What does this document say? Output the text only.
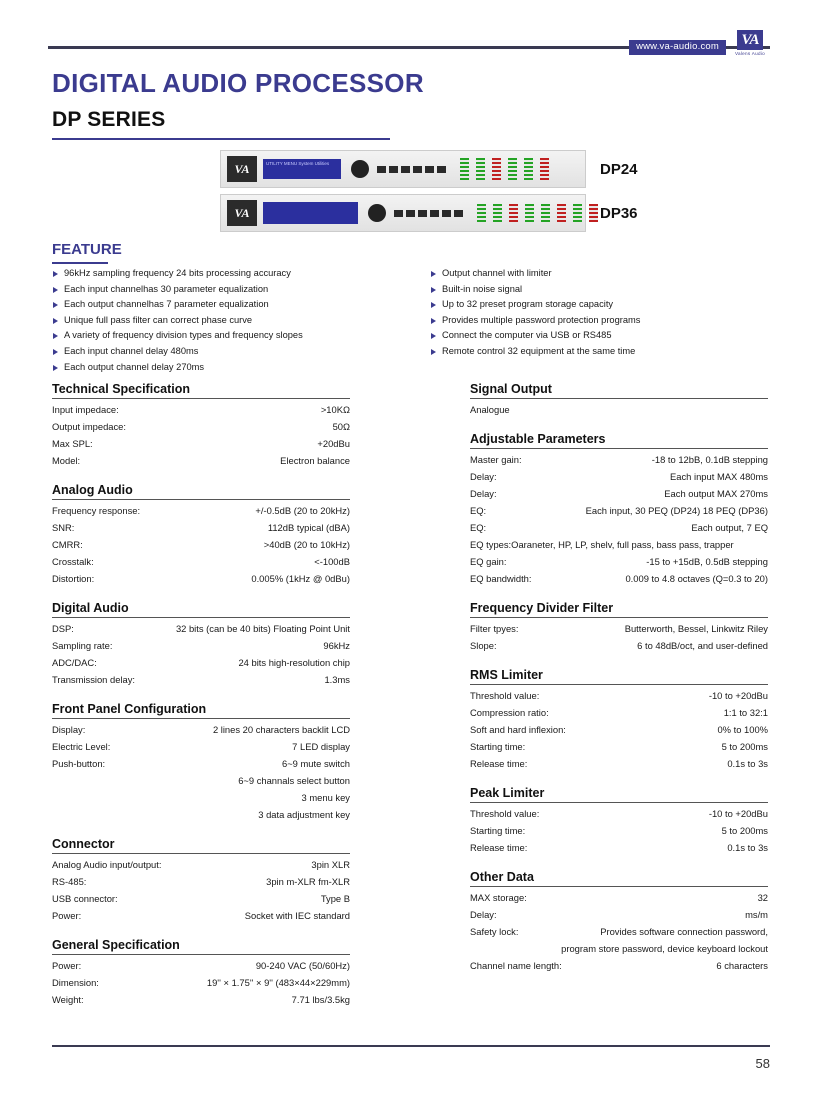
www.va-audio.com	VA
Valens Audio
DIGITAL AUDIO PROCESSOR
DP SERIES
VA	UTILITY MENU System Utilities	DP24
VA	DP36
FEATURE
96kHz sampling frequency 24 bits processing accuracy
Each input channelhas 30 parameter equalization
Each output channelhas 7 parameter equalization
Unique full pass filter can correct phase curve
A variety of frequency division types and frequency slopes
Each input channel delay 480ms
Each output channel delay 270ms
Output channel with limiter
Built-in noise signal
Up to 32 preset program storage capacity
Provides multiple password protection programs
Connect the computer via USB or RS485
Remote control 32 equipment at the same time
Technical Specification
Input impedace:	>10KΩ
Output impedace:	50Ω
Max SPL:	+20dBu
Model:	Electron balance
Analog Audio
Frequency response:	+/-0.5dB (20 to 20kHz)
SNR:	112dB typical (dBA)
CMRR:	>40dB (20 to 10kHz)
Crosstalk:	<-100dB
Distortion:	0.005% (1kHz @ 0dBu)
Digital Audio
DSP:	32 bits (can be 40 bits) Floating Point Unit
Sampling rate:	96kHz
ADC/DAC:	24 bits high-resolution chip
Transmission delay:	1.3ms
Front Panel Configuration
Display:	2 lines 20 characters backlit LCD
Electric Level:	7 LED display
Push-button:	6~9 mute switch
6~9 channals select button	
3 menu key	
3 data adjustment key	
Connector
Analog Audio input/output:	3pin XLR
RS-485:	3pin m-XLR fm-XLR
USB connector:	Type B
Power:	Socket with IEC standard
General Specification
Power:	90-240 VAC (50/60Hz)
Dimension:	19'' × 1.75'' × 9'' (483×44×229mm)
Weight:	7.71 lbs/3.5kg
Signal Output
Analogue
Adjustable Parameters
Master gain:	-18 to 12bB, 0.1dB stepping
Delay:	Each input MAX 480ms
Delay:	Each output MAX 270ms
EQ:	Each input, 30 PEQ (DP24) 18 PEQ (DP36)
EQ:	Each output, 7 EQ
EQ types:Oaraneter, HP, LP, shelv, full pass, bass pass, trapper	
EQ gain:	-15 to +15dB, 0.5dB stepping
EQ bandwidth:	0.009 to 4.8 octaves (Q=0.3 to 20)
Frequency Divider Filter
Filter tpyes:	Butterworth, Bessel, Linkwitz Riley
Slope:	6 to 48dB/oct, and user-defined
RMS Limiter
Threshold value:	-10 to +20dBu
Compression ratio:	1:1 to 32:1
Soft and hard inflexion:	0% to 100%
Starting time:	5 to 200ms
Release time:	0.1s to 3s
Peak Limiter
Threshold value:	-10 to +20dBu
Starting time:	5 to 200ms
Release time:	0.1s to 3s
Other Data
MAX storage:	32
Delay:	ms/m
Safety lock:	Provides software connection password,
program store password, device keyboard lockout	
Channel name length:	6 characters
58
